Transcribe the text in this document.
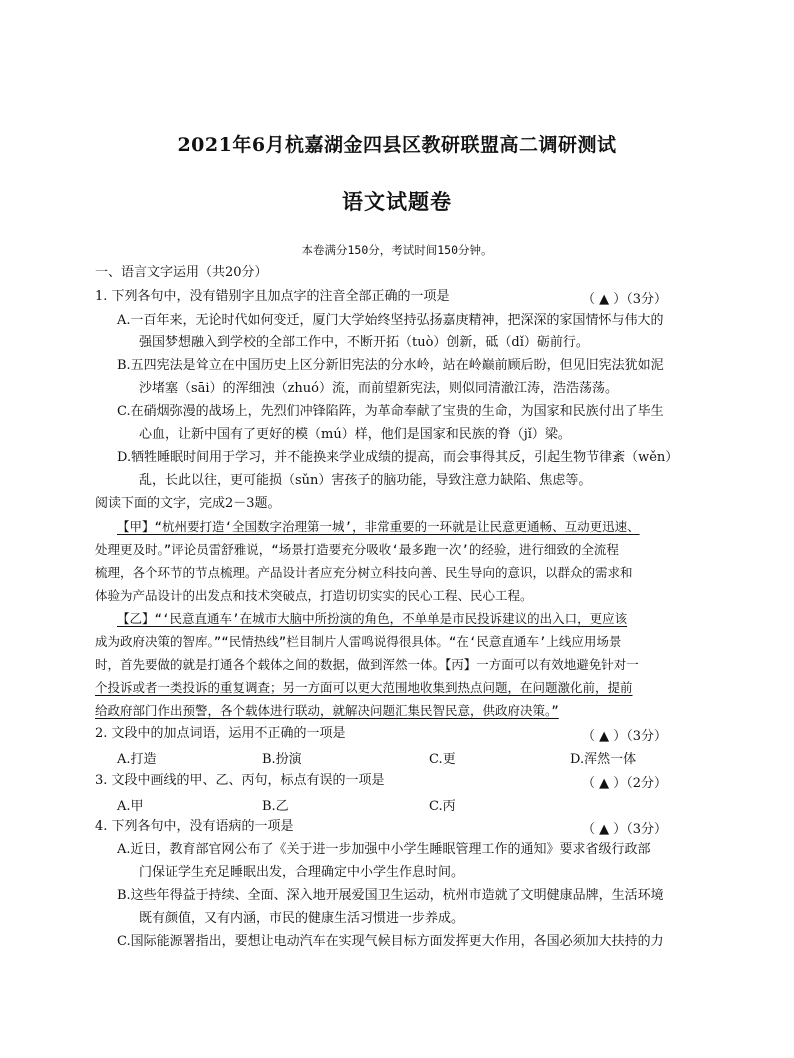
2021年6月杭嘉湖金四县区教研联盟高二调研测试
语文试题卷
本卷满分150分，考试时间150分钟。
一、语言文字运用（共20分）
1. 下列各句中，没有错别字且加点字的注音全部正确的一项是	（ ▲ ）（3分）
A.一百年来，无论时代如何变迁，厦门大学始终坚持弘扬嘉庚精神，把深深的家国情怀与伟大的
强国梦想融入到学校的全部工作中，不断开拓（tuò）创新，砥（dǐ）砺前行。
B.五四宪法是耸立在中国历史上区分新旧宪法的分水岭，站在岭巅前顾后盼，但见旧宪法犹如泥
沙堵塞（sāi）的浑细浊（zhuó）流，而前望新宪法，则似同清澈江涛，浩浩荡荡。
C.在硝烟弥漫的战场上，先烈们冲锋陷阵，为革命奉献了宝贵的生命，为国家和民族付出了毕生
心血，让新中国有了更好的模（mú）样，他们是国家和民族的脊（jǐ）梁。
D.牺牲睡眠时间用于学习，并不能换来学业成绩的提高，而会事得其反，引起生物节律紊（wěn）
乱，长此以往，更可能损（sǔn）害孩子的脑功能，导致注意力缺陷、焦虑等。
阅读下面的文字，完成2－3题。
【甲】“杭州要打造‘全国数字治理第一城’，非常重要的一环就是让民意更通畅、互动更迅速、
处理更及时。”评论员雷舒雅说，“场景打造要充分吸收‘最多跑一次’的经验，进行细致的全流程
梳理，各个环节的节点梳理。产品设计者应充分树立科技向善、民生导向的意识，以群众的需求和
体验为产品设计的出发点和技术突破点，打造切切实实的民心工程、民心工程。
【乙】“‘民意直通车’在城市大脑中所扮演的角色，不单单是市民投诉建议的出入口，更应该
成为政府决策的智库。”“民情热线”栏目制片人雷鸣说得很具体。“在‘民意直通车’上线应用场景
时，首先要做的就是打通各个载体之间的数据，做到浑然一体。【丙】一方面可以有效地避免针对一
个投诉或者一类投诉的重复调查；另一方面可以更大范围地收集到热点问题，在问题激化前，提前
给政府部门作出预警，各个载体进行联动，就解决问题汇集民智民意，供政府决策。”
2. 文段中的加点词语，运用不正确的一项是	（ ▲ ）（3分）
A.打造	B.扮演	C.更	D.浑然一体
3. 文段中画线的甲、乙、丙句，标点有误的一项是	（ ▲ ）（2分）
A.甲	B.乙	C.丙
4. 下列各句中，没有语病的一项是	（ ▲ ）（3分）
A.近日，教育部官网公布了《关于进一步加强中小学生睡眠管理工作的通知》要求省级行政部
门保证学生充足睡眠出发，合理确定中小学生作息时间。
B.这些年得益于持续、全面、深入地开展爱国卫生运动，杭州市造就了文明健康品牌，生活环境
既有颜值，又有内涵，市民的健康生活习惯进一步养成。
C.国际能源署指出，要想让电动汽车在实现气候目标方面发挥更大作用，各国必须加大扶持的力
